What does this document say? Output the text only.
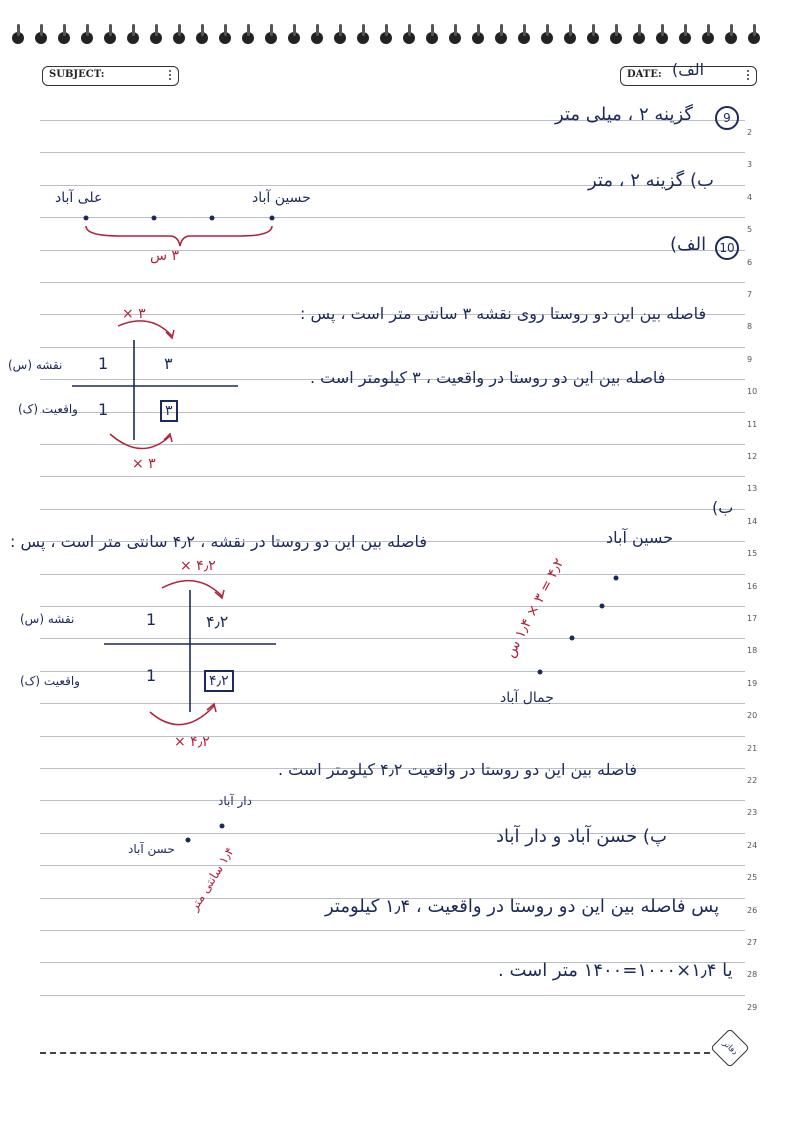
SUBJECT:	DATE: الف)
2
3
4
5
6
7
8
9
10
11
12
13
14
15
16
17
18
19
20
21
22
23
24
25
26
27
28
29
9
گزینه ۲ ، میلی متر
ب) گزینه ۲ ، متر
حسین آباد
علی آباد
۳ س	10
الف)
فاصله بین این دو روستا روی نقشه ۳ سانتی متر است ، پس :
فاصله بین این دو روستا در واقعیت ، ۳ کیلومتر است .
نقشه (س)
واقعیت (ک)
1	۳
1	۳
× ۳
× ۳
ب)
حسین آباد
فاصله بین این دو روستا در نقشه ، ۴٫۲ سانتی متر است ، پس :
۴٫۲ = ۳ × ۱٫۴ س
جمال آباد
نقشه (س)
واقعیت (ک)
1	۴٫۲
1	۴٫۲
× ۴٫۲
× ۴٫۲
فاصله بین این دو روستا در واقعیت ۴٫۲ کیلومتر است .
دار آباد
حسن آباد
۱٫۴ سانتی متر
پ) حسن آباد و دار آباد
پس فاصله بین این دو روستا در واقعیت ، ۱٫۴ کیلومتر
یا ۱٫۴×۱۰۰۰=۱۴۰۰ متر است .
دفاتر
